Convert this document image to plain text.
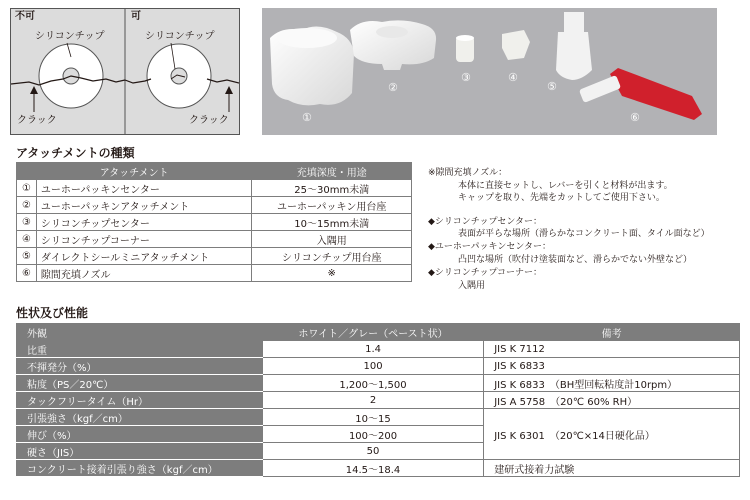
不可	可
シリコンチップ	シリコンチップ
クラック	クラック	①
②
③	④
⑤
⑥
アタッチメントの種類
アタッチメント		充填深度・用途
①	ユーホーパッキンセンター	25～30mm未満
②	ユーホーパッキンアタッチメント	ユーホーパッキン用台座
③	シリコンチップセンター	10～15mm未満
④	シリコンチップコーナー	入隅用
⑤	ダイレクトシールミニアタッチメント	シリコンチップ用台座
⑥	隙間充填ノズル	※
※隙間充填ノズル：
本体に直接セットし、レバーを引くと材料が出ます。
キャップを取り、先端をカットしてご使用下さい。
◆シリコンチップセンター：
表面が平らな場所（滑らかなコンクリート面、タイル面など）
◆ユーホーパッキンセンター：
凸凹な場所（吹付け塗装面など、滑らかでない外壁など）
◆シリコンチップコーナー：
入隅用
性状及び性能
外観	ホワイト／グレー（ペースト状）	備考
比重	1.4	JIS K 7112
不揮発分（%）	100	JIS K 6833
粘度（PS／20℃）	1,200～1,500	JIS K 6833　（BH型回転粘度計10rpm）
タックフリータイム（Hr）	2	JIS A 5758　（20℃ 60% RH）
引張強さ（kgf／cm）	10～15	JIS K 6301　（20℃×14日硬化品）
伸び（%）	100～200	
硬さ（JIS）	50	
コンクリート接着引張り強さ（kgf／cm）	14.5～18.4	建研式接着力試験
